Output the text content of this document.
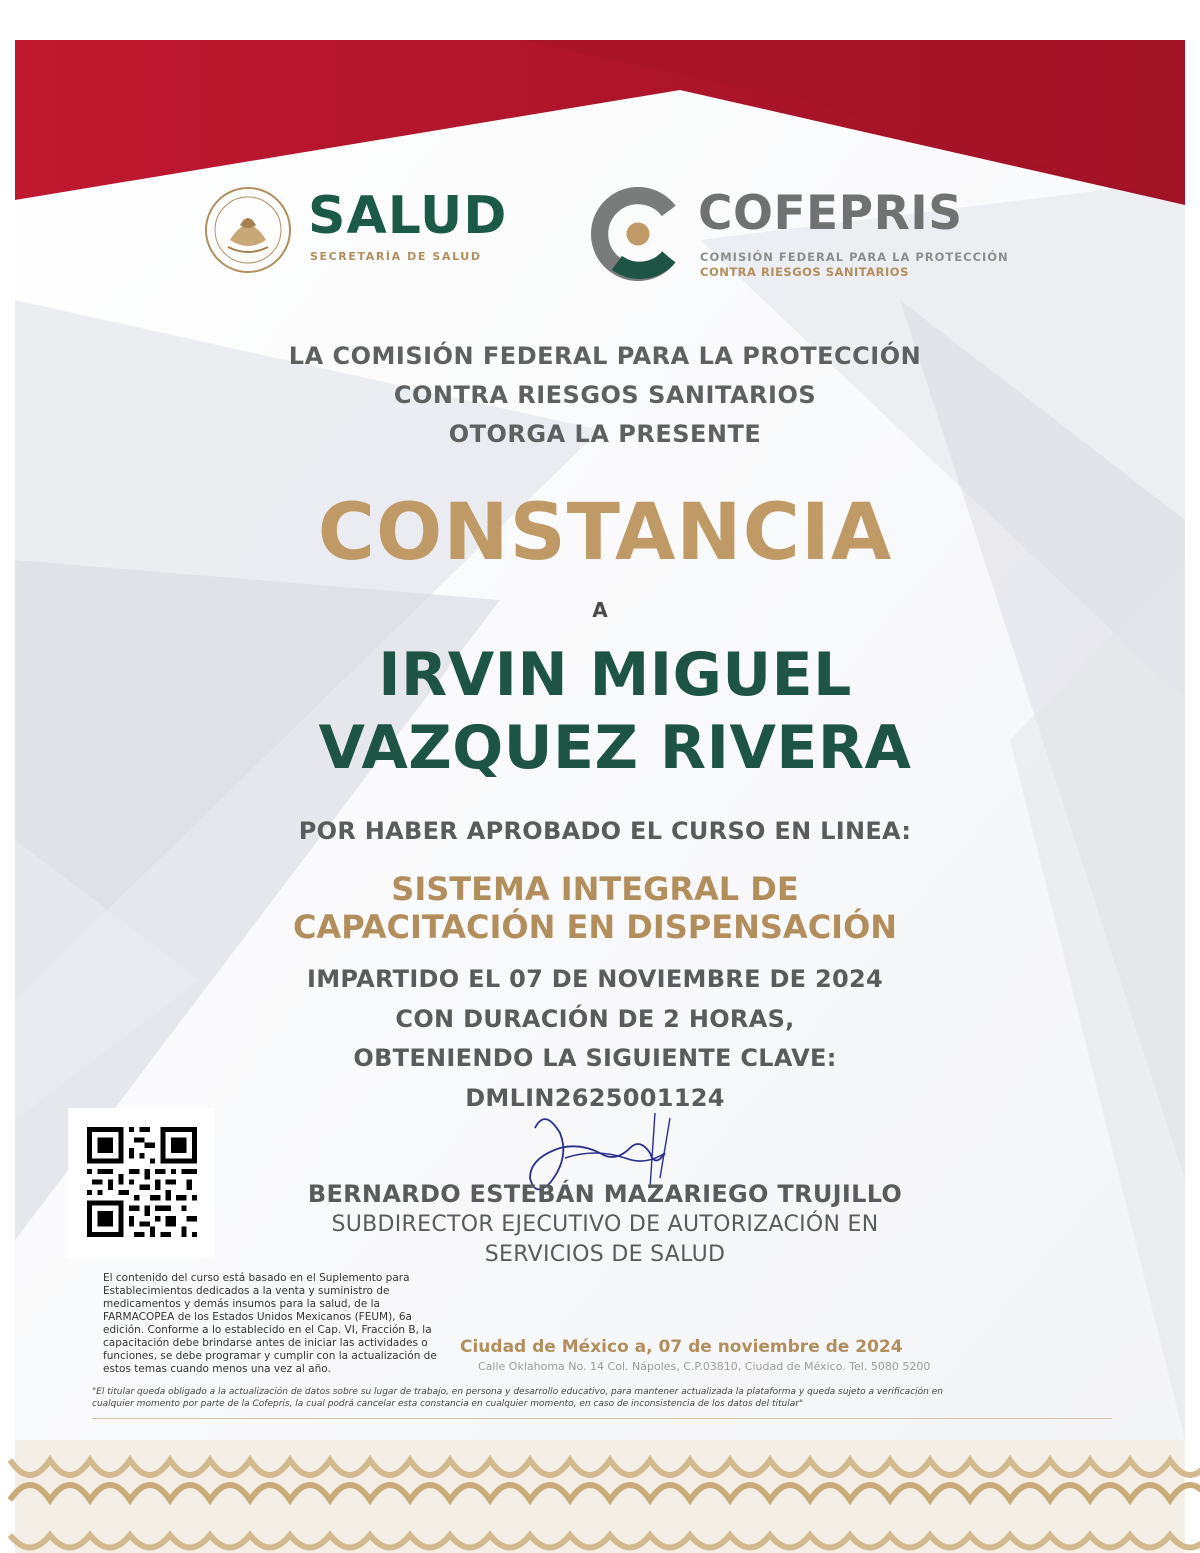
SALUD
SECRETARÍA DE SALUD
COFEPRIS
COMISIÓN FEDERAL PARA LA PROTECCIÓN
CONTRA RIESGOS SANITARIOS
LA COMISIÓN FEDERAL PARA LA PROTECCIÓN
CONTRA RIESGOS SANITARIOS
OTORGA LA PRESENTE
CONSTANCIA
A
IRVIN MIGUEL
VAZQUEZ RIVERA
POR HABER APROBADO EL CURSO EN LINEA:
SISTEMA INTEGRAL DE
CAPACITACIÓN EN DISPENSACIÓN
IMPARTIDO EL 07 DE NOVIEMBRE DE 2024
CON DURACIÓN DE 2 HORAS,
OBTENIENDO LA SIGUIENTE CLAVE:
DMLIN2625001124
BERNARDO ESTEBÁN MAZARIEGO TRUJILLO
SUBDIRECTOR EJECUTIVO DE AUTORIZACIÓN EN
SERVICIOS DE SALUD
El contenido del curso está basado en el Suplemento para Establecimientos dedicados a la venta y suministro de medicamentos y demás insumos para la salud, de la FARMACOPEA de los Estados Unidos Mexicanos (FEUM), 6a edición. Conforme a lo establecido en el Cap. VI, Fracción B, la capacitación debe brindarse antes de iniciar las actividades o funciones, se debe programar y cumplir con la actualización de estos temas cuando menos una vez al año.
Ciudad de México a, 07 de noviembre de 2024
Calle Oklahoma No. 14 Col. Nápoles, C.P.03810, Ciudad de México. Tel. 5080 5200
"El titular queda obligado a la actualización de datos sobre su lugar de trabajo, en persona y desarrollo educativo, para mantener actualizada la plataforma y queda sujeto a verificación en cualquier momento por parte de la Cofepris, la cual podrá cancelar esta constancia en cualquier momento, en caso de inconsistencia de los datos del titular"
